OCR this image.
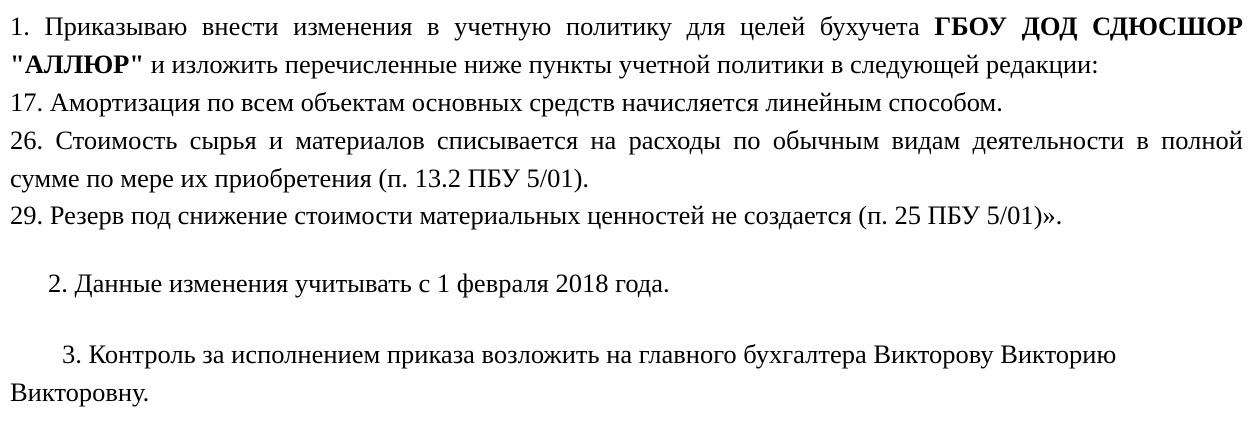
1. Приказываю внести изменения в учетную политику для целей бухучета ГБОУ ДОД СДЮСШОР "АЛЛЮР" и изложить перечисленные ниже пункты учетной политики в следующей редакции:

17. Амортизация по всем объектам основных средств начисляется линейным способом.

26. Стоимость сырья и материалов списывается на расходы по обычным видам деятельности в полной сумме по мере их приобретения (п. 13.2 ПБУ 5/01).

29. Резерв под снижение стоимости материальных ценностей не создается (п. 25 ПБУ 5/01)».

2. Данные изменения учитывать с 1 февраля 2018 года.

3. Контроль за исполнением приказа возложить на главного бухгалтера Викторову Викторию Викторовну.
